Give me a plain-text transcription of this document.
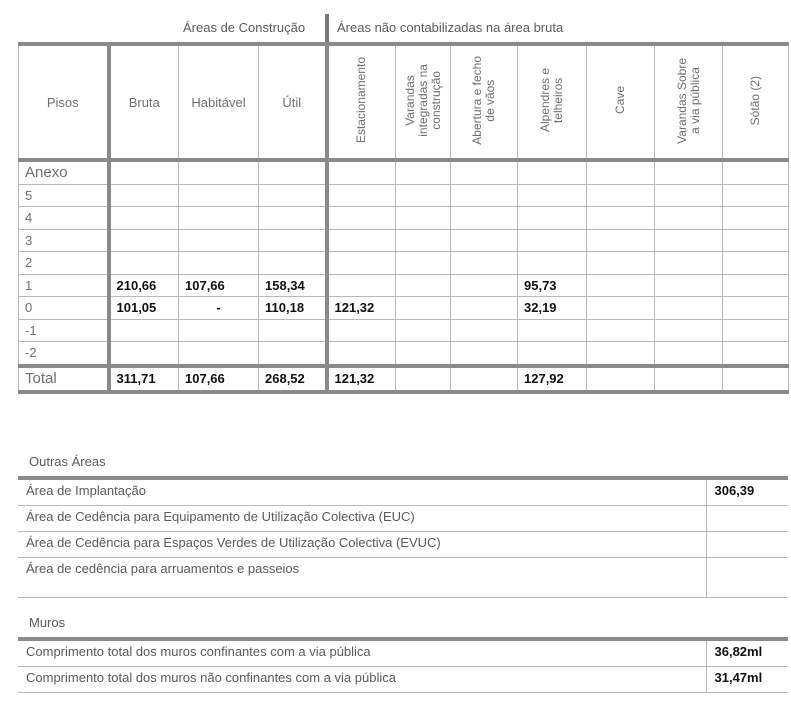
Áreas de Construção Áreas não contabilizadas na área bruta
Pisos	Bruta	Habitável	Útil	Estacionamento	Varandas
integradas na
construção	Abertura e fecho
de vãos	Alpendres e
telheiros	Cave	Varandas Sobre
a via pública	Sótão (2)
Anexo										
5										
4										
3										
2										
1	210,66	107,66	158,34				95,73			
0	101,05	-	110,18	121,32			32,19			
-1										
-2										
Total	311,71	107,66	268,52	121,32			127,92			
Outras Áreas
Área de Implantação	306,39
Área de Cedência para Equipamento de Utilização Colectiva (EUC)	
Área de Cedência para Espaços Verdes de Utilização Colectiva (EVUC)	
Área de cedência para arruamentos e passeios	
Muros
Comprimento total dos muros confinantes com a via pública	36,82ml
Comprimento total dos muros não confinantes com a via pública	31,47ml
